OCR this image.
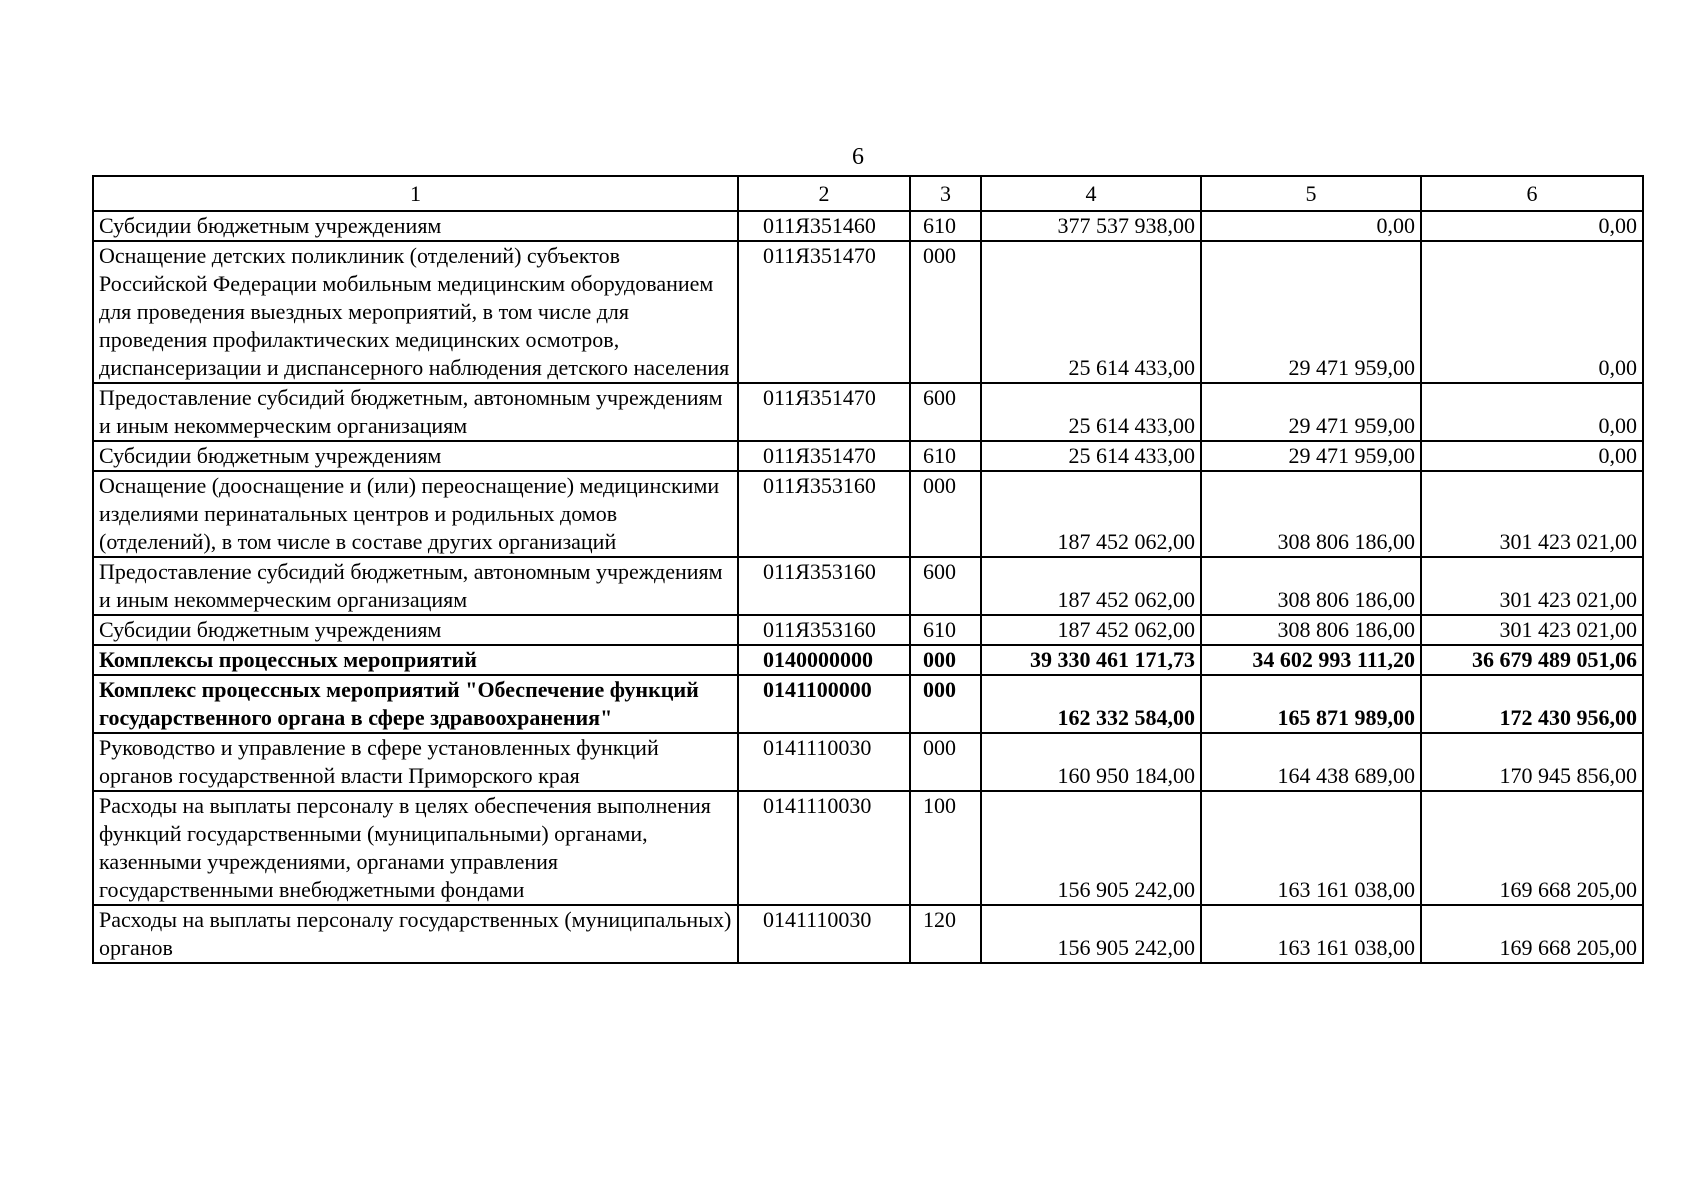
6
1	2	3	4	5	6
Субсидии бюджетным учреждениям	011Я351460	610	377 537 938,00	0,00	0,00
Оснащение детских поликлиник (отделений) субъектов Российской Федерации мобильным медицинским оборудованием для проведения выездных мероприятий, в том числе для проведения профилактических медицинских осмотров, диспансеризации и диспансерного наблюдения детского населения	011Я351470	000	25 614 433,00	29 471 959,00	0,00
Предоставление субсидий бюджетным, автономным учреждениям и иным некоммерческим организациям	011Я351470	600	25 614 433,00	29 471 959,00	0,00
Субсидии бюджетным учреждениям	011Я351470	610	25 614 433,00	29 471 959,00	0,00
Оснащение (дооснащение и (или) переоснащение) медицинскими изделиями перинатальных центров и родильных домов (отделений), в том числе в составе других организаций	011Я353160	000	187 452 062,00	308 806 186,00	301 423 021,00
Предоставление субсидий бюджетным, автономным учреждениям и иным некоммерческим организациям	011Я353160	600	187 452 062,00	308 806 186,00	301 423 021,00
Субсидии бюджетным учреждениям	011Я353160	610	187 452 062,00	308 806 186,00	301 423 021,00
Комплексы процессных мероприятий	0140000000	000	39 330 461 171,73	34 602 993 111,20	36 679 489 051,06
Комплекс процессных мероприятий "Обеспечение функций государственного органа в сфере здравоохранения"	0141100000	000	162 332 584,00	165 871 989,00	172 430 956,00
Руководство и управление в сфере установленных функций органов государственной власти Приморского края	0141110030	000	160 950 184,00	164 438 689,00	170 945 856,00
Расходы на выплаты персоналу в целях обеспечения выполнения функций государственными (муниципальными) органами, казенными учреждениями, органами управления государственными внебюджетными фондами	0141110030	100	156 905 242,00	163 161 038,00	169 668 205,00
Расходы на выплаты персоналу государственных (муниципальных) органов	0141110030	120	156 905 242,00	163 161 038,00	169 668 205,00
